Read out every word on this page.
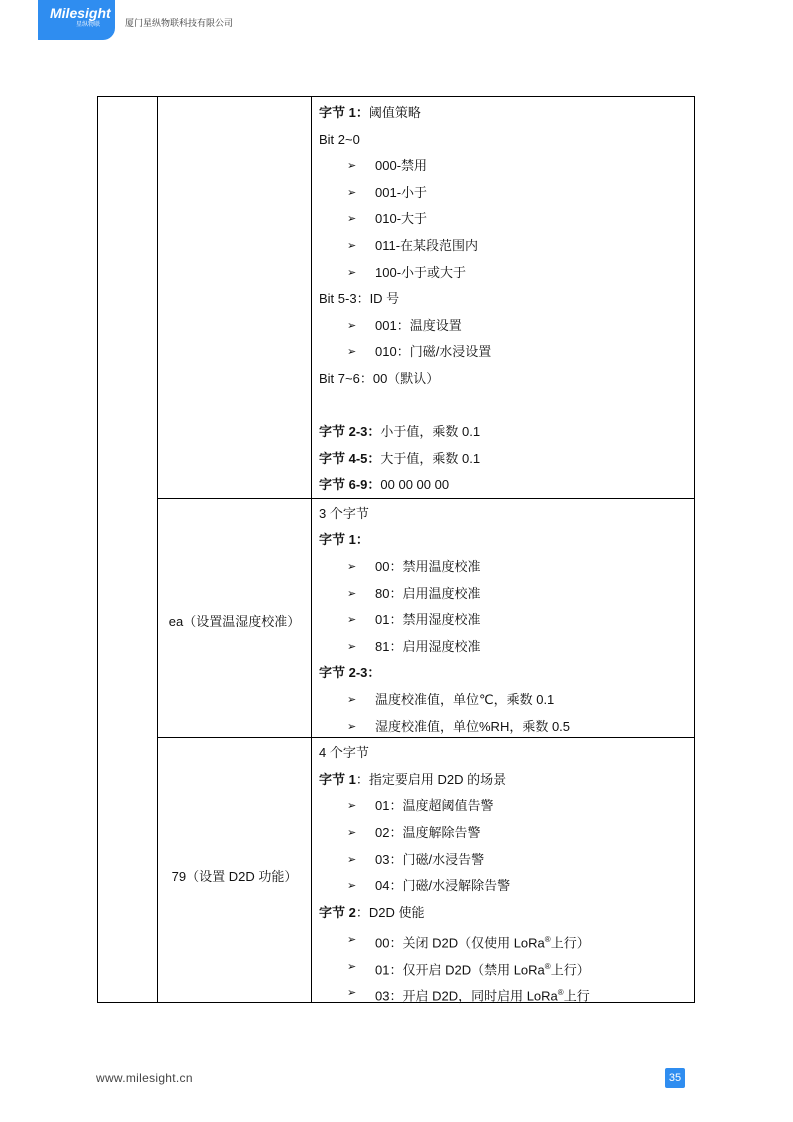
Milesight
星纵物联	厦门星纵物联科技有限公司
ea（设置温湿度校准）
79（设置 D2D 功能）
字节 1：阈值策略
Bit 2~0
➢ 000-禁用
➢ 001-小于
➢ 010-大于
➢ 011-在某段范围内
➢ 100-小于或大于
Bit 5-3：ID 号
➢ 001：温度设置
➢ 010：门磁/水浸设置
Bit 7~6：00（默认）
字节 2-3：小于值，乘数 0.1
字节 4-5：大于值，乘数 0.1
字节 6-9：00 00 00 00
3 个字节
字节 1：
➢ 00：禁用温度校准
➢ 80：启用温度校准
➢ 01：禁用湿度校准
➢ 81：启用湿度校准
字节 2-3：
➢ 温度校准值，单位℃，乘数 0.1
➢ 湿度校准值，单位%RH，乘数 0.5
4 个字节
字节 1：指定要启用 D2D 的场景
➢ 01：温度超阈值告警
➢ 02：温度解除告警
➢ 03：门磁/水浸告警
➢ 04：门磁/水浸解除告警
字节 2：D2D 使能
➢ 00：关闭 D2D（仅使用 LoRa®上行）
➢ 01：仅开启 D2D（禁用 LoRa®上行）
➢ 03：开启 D2D，同时启用 LoRa®上行
www.milesight.cn	35
